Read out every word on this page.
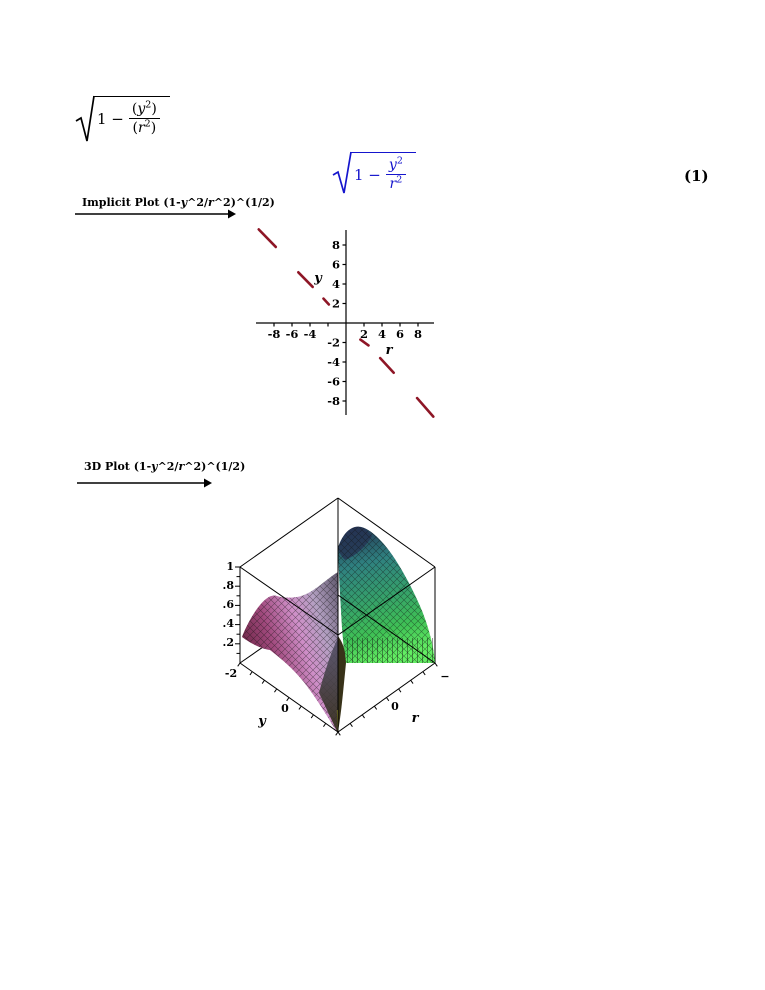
$1 - \frac{(y^2)}{(r^2)}$
$1 - \frac{y^2}{r^2}$	(1)
Implicit Plot (1-y^2/r^2)^(1/2)
-8 -6 -4	2 4 6 8
8
6
4
2
-2
-4
-6
-8
y
r
3D Plot (1-y^2/r^2)^(1/2)
1
.8
.6
.4
.2
-2
0
y
0
−
r
